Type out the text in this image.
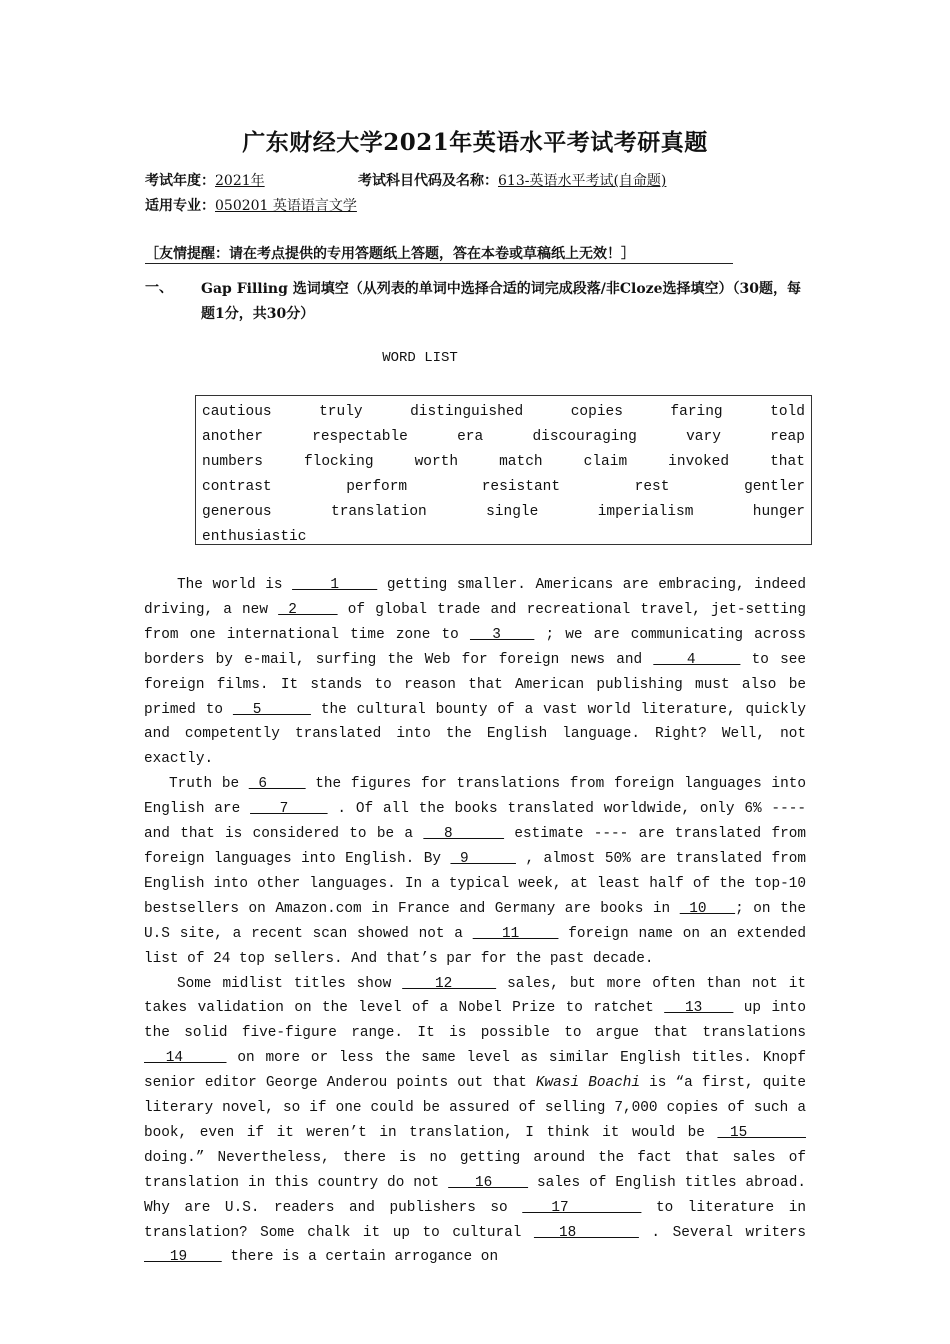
广东财经大学2021年英语水平考试考研真题
考试年度：2021年	考试科目代码及名称：613-英语水平考试(自命题)
适用专业：050201 英语语言文学
［友情提醒：请在考点提供的专用答题纸上答题，答在本卷或草稿纸上无效！］
一、 Gap Filling 选词填空（从列表的单词中选择合适的词完成段落/非Cloze选择填空）（30题，每题1分，共30分）
WORD LIST
cautious	truly	distinguished	copies	faring	told
another	respectable	era	discouraging	vary	reap
numbers	flocking	worth	match	claim	invoked	that
contrast	perform	resistant	rest	gentler
generous	translation	single	imperialism	hunger
enthusiastic

The world is     1     getting smaller. Americans are embracing, indeed driving, a new  2     of global trade and recreational travel, jet-setting from one international time zone to   3    ; we are communicating across borders by e-mail, surfing the Web for foreign news and    4     to see foreign films. It stands to reason that American publishing must also be primed to   5      the cultural bounty of a vast world literature, quickly and competently translated into the English language. Right? Well, not exactly.

Truth be  6     the figures for translations from foreign languages into English are    7     . Of all the books translated worldwide, only 6% ---- and that is considered to be a   8      estimate ---- are translated from foreign languages into English. By  9      , almost 50% are translated from English into other languages. In a typical week, at least half of the top-10 bestsellers on Amazon.com in France and Germany are books in  10   ; on the U.S site, a recent scan showed not a    11     foreign name on an extended list of 24 top sellers. And that’s par for the past decade.

Some midlist titles show    12     sales, but more often than not it takes validation on the level of a Nobel Prize to ratchet   13    up into the solid five-figure range. It is possible to argue that translations   14     on more or less the same level as similar English titles. Knopf senior editor George Anderou points out that Kwasi Boachi is “a first, quite literary novel, so if one could be assured of selling 7,000 copies of such a book, even if it weren’t in translation, I think it would be  15      doing.” Nevertheless, there is no getting around the fact that sales of translation in this country do not    16     sales of English titles abroad. Why are U.S. readers and publishers so   17      to literature in translation? Some chalk it up to cultural   18      . Several writers    19     there is a certain arrogance on
